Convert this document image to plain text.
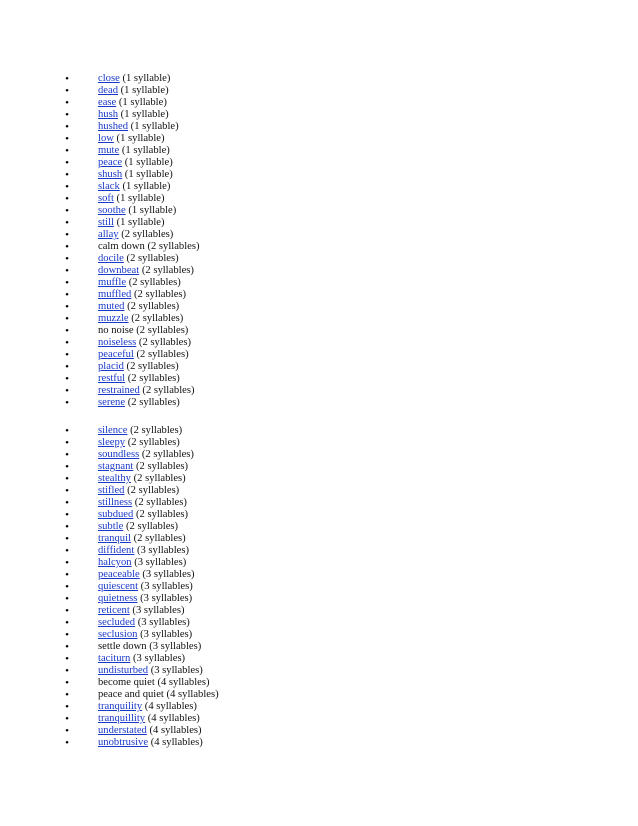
•	close (1 syllable)
•	dead (1 syllable)
•	ease (1 syllable)
•	hush (1 syllable)
•	hushed (1 syllable)
•	low (1 syllable)
•	mute (1 syllable)
•	peace (1 syllable)
•	shush (1 syllable)
•	slack (1 syllable)
•	soft (1 syllable)
•	soothe (1 syllable)
•	still (1 syllable)
•	allay (2 syllables)
•	calm down (2 syllables)
•	docile (2 syllables)
•	downbeat (2 syllables)
•	muffle (2 syllables)
•	muffled (2 syllables)
•	muted (2 syllables)
•	muzzle (2 syllables)
•	no noise (2 syllables)
•	noiseless (2 syllables)
•	peaceful (2 syllables)
•	placid (2 syllables)
•	restful (2 syllables)
•	restrained (2 syllables)
•	serene (2 syllables)
•	silence (2 syllables)
•	sleepy (2 syllables)
•	soundless (2 syllables)
•	stagnant (2 syllables)
•	stealthy (2 syllables)
•	stifled (2 syllables)
•	stillness (2 syllables)
•	subdued (2 syllables)
•	subtle (2 syllables)
•	tranquil (2 syllables)
•	diffident (3 syllables)
•	halcyon (3 syllables)
•	peaceable (3 syllables)
•	quiescent (3 syllables)
•	quietness (3 syllables)
•	reticent (3 syllables)
•	secluded (3 syllables)
•	seclusion (3 syllables)
•	settle down (3 syllables)
•	taciturn (3 syllables)
•	undisturbed (3 syllables)
•	become quiet (4 syllables)
•	peace and quiet (4 syllables)
•	tranquility (4 syllables)
•	tranquillity (4 syllables)
•	understated (4 syllables)
•	unobtrusive (4 syllables)
